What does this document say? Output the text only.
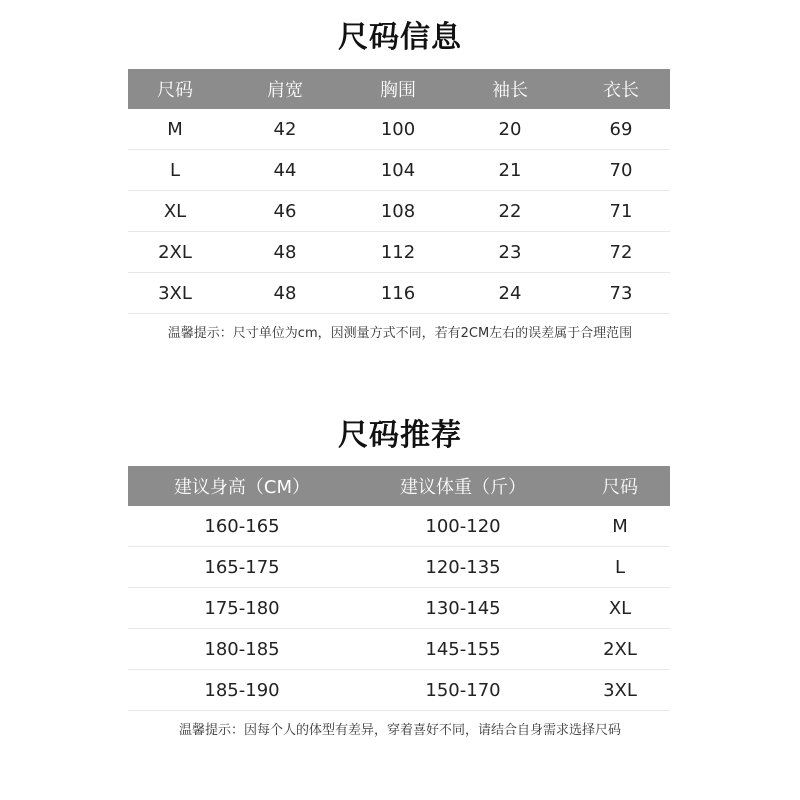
尺码信息
尺码	肩宽	胸围	袖长	衣长
M	42	100	20	69
L	44	104	21	70
XL	46	108	22	71
2XL	48	112	23	72
3XL	48	116	24	73
温馨提示：尺寸单位为cm，因测量方式不同，若有2CM左右的误差属于合理范围
尺码推荐
建议身高（CM）	建议体重（斤）	尺码
160-165	100-120	M
165-175	120-135	L
175-180	130-145	XL
180-185	145-155	2XL
185-190	150-170	3XL
温馨提示：因每个人的体型有差异，穿着喜好不同，请结合自身需求选择尺码
